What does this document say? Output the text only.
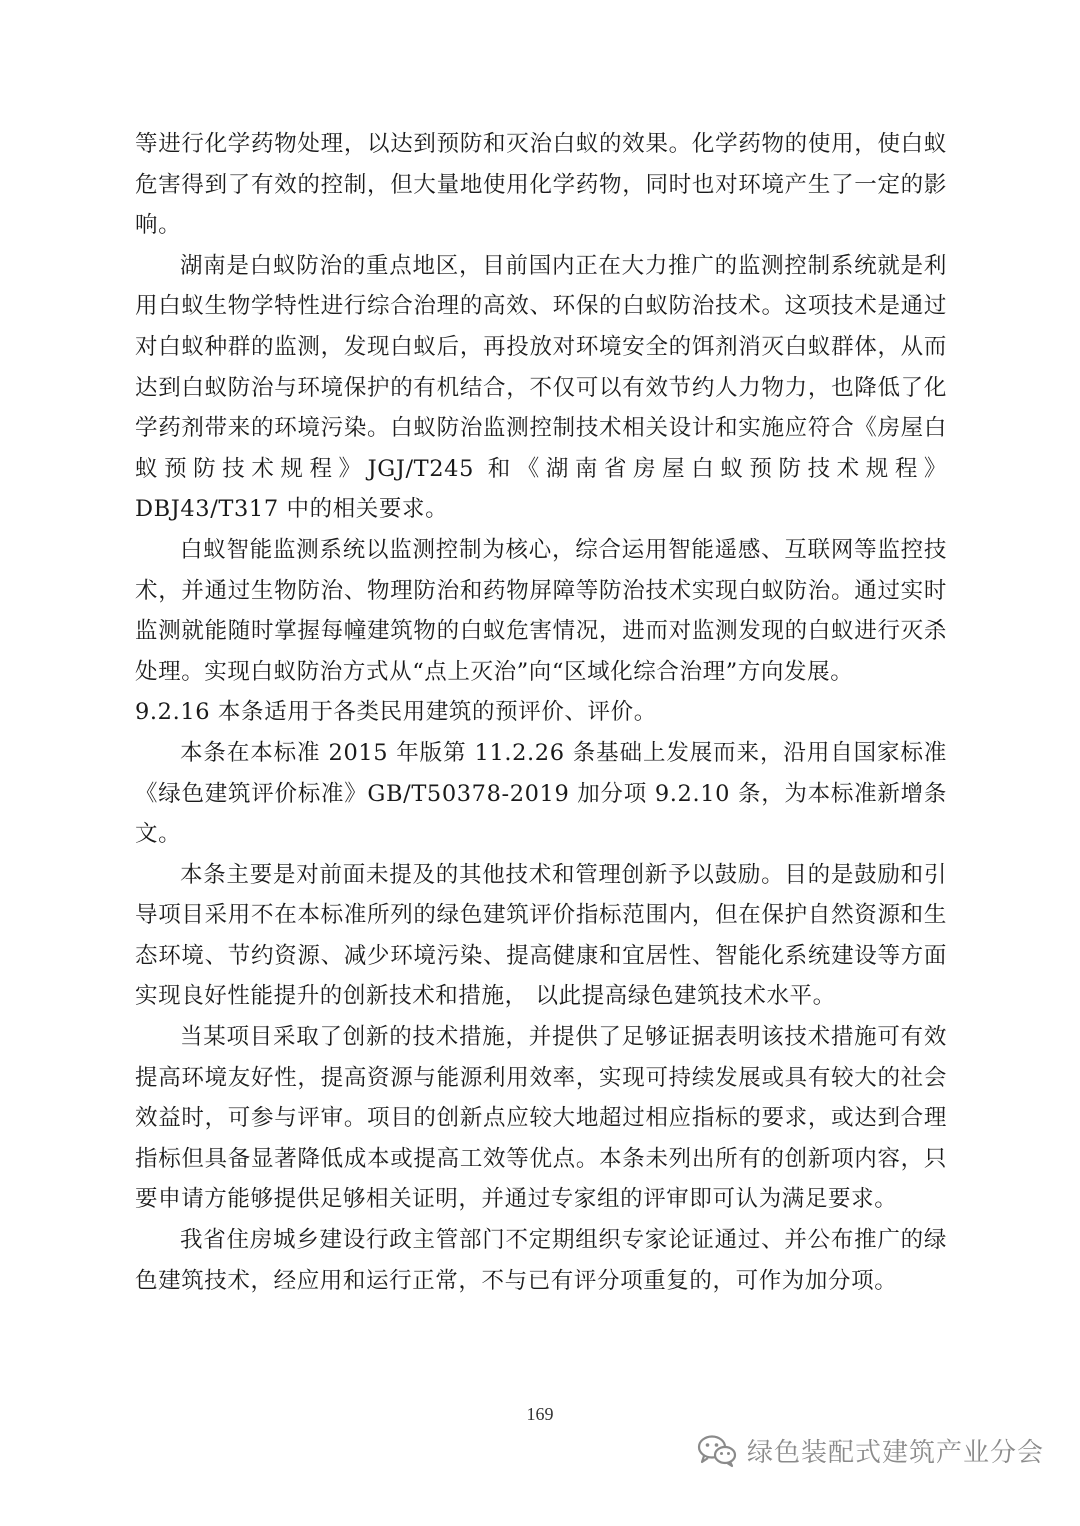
等进行化学药物处理，以达到预防和灭治白蚁的效果。化学药物的使用，使白蚁危害得到了有效的控制，但大量地使用化学药物，同时也对环境产生了一定的影响。

湖南是白蚁防治的重点地区，目前国内正在大力推广的监测控制系统就是利用白蚁生物学特性进行综合治理的高效、环保的白蚁防治技术。这项技术是通过对白蚁种群的监测，发现白蚁后，再投放对环境安全的饵剂消灭白蚁群体，从而达到白蚁防治与环境保护的有机结合，不仅可以有效节约人力物力，也降低了化学药剂带来的环境污染。白蚁防治监测控制技术相关设计和实施应符合《房屋白蚁预防技术规程》JGJ/T245 和《湖南省房屋白蚁预防技术规程》DBJ43/T317 中的相关要求。

白蚁智能监测系统以监测控制为核心，综合运用智能遥感、互联网等监控技术，并通过生物防治、物理防治和药物屏障等防治技术实现白蚁防治。通过实时监测就能随时掌握每幢建筑物的白蚁危害情况，进而对监测发现的白蚁进行灭杀处理。实现白蚁防治方式从“点上灭治”向“区域化综合治理”方向发展。

9.2.16 本条适用于各类民用建筑的预评价、评价。

本条在本标准 2015 年版第 11.2.26 条基础上发展而来，沿用自国家标准《绿色建筑评价标准》GB/T50378-2019 加分项 9.2.10 条，为本标准新增条文。

本条主要是对前面未提及的其他技术和管理创新予以鼓励。目的是鼓励和引导项目采用不在本标准所列的绿色建筑评价指标范围内，但在保护自然资源和生态环境、节约资源、减少环境污染、提高健康和宜居性、智能化系统建设等方面实现良好性能提升的创新技术和措施， 以此提高绿色建筑技术水平。

当某项目采取了创新的技术措施，并提供了足够证据表明该技术措施可有效提高环境友好性，提高资源与能源利用效率，实现可持续发展或具有较大的社会效益时，可参与评审。项目的创新点应较大地超过相应指标的要求，或达到合理指标但具备显著降低成本或提高工效等优点。本条未列出所有的创新项内容，只要申请方能够提供足够相关证明，并通过专家组的评审即可认为满足要求。

我省住房城乡建设行政主管部门不定期组织专家论证通过、并公布推广的绿色建筑技术，经应用和运行正常，不与已有评分项重复的，可作为加分项。

169
绿色装配式建筑产业分会
